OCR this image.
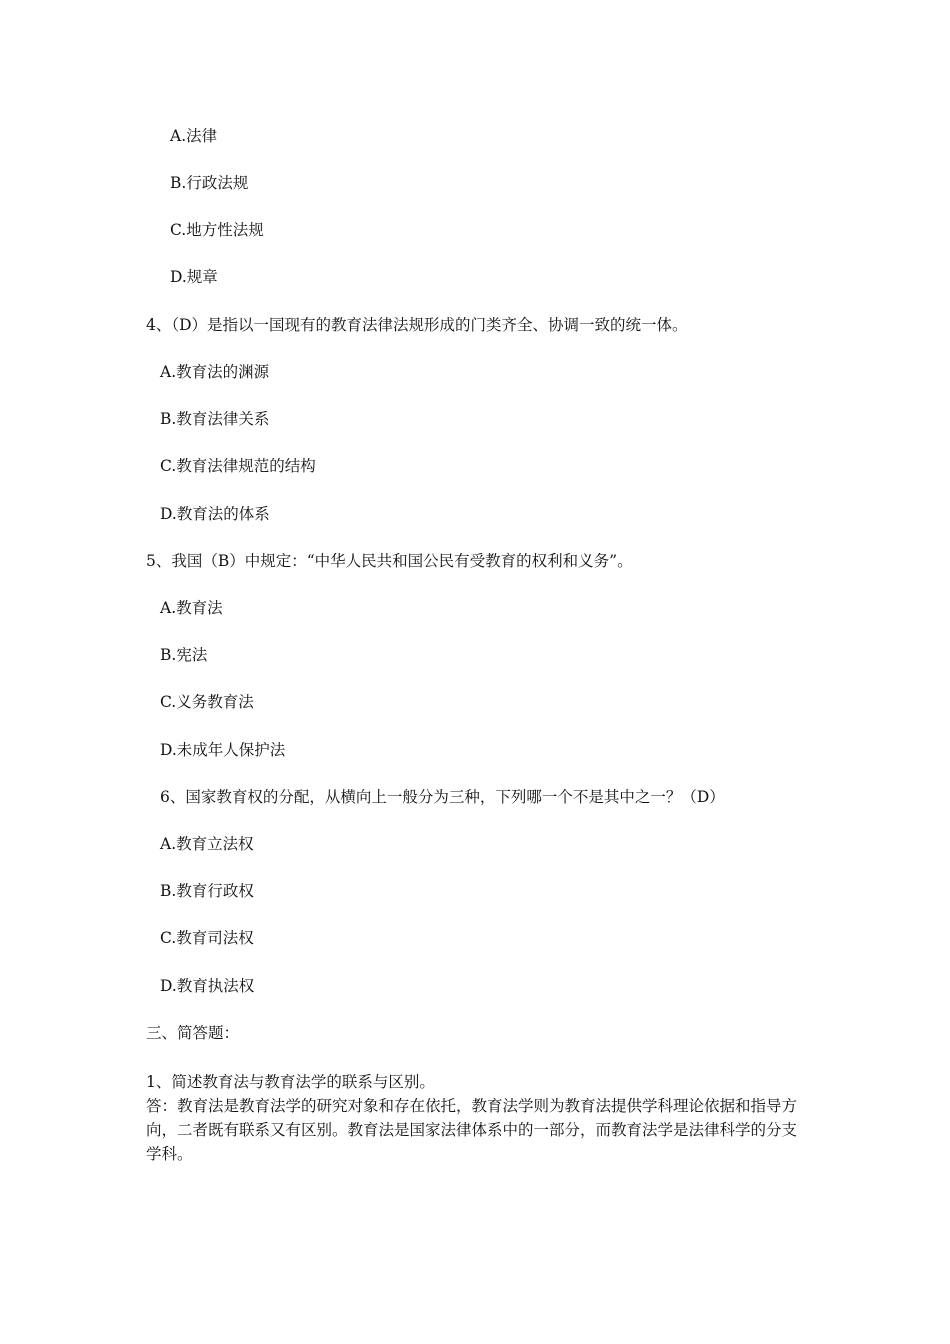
A.法律
B.行政法规
C.地方性法规
D.规章
4、（D）是指以一国现有的教育法律法规形成的门类齐全、协调一致的统一体。
A.教育法的渊源
B.教育法律关系
C.教育法律规范的结构
D.教育法的体系
5、我国（B）中规定：“中华人民共和国公民有受教育的权利和义务”。
A.教育法
B.宪法
C.义务教育法
D.未成年人保护法
6、国家教育权的分配，从横向上一般分为三种，下列哪一个不是其中之一？（D）
A.教育立法权
B.教育行政权
C.教育司法权
D.教育执法权
三、简答题：
1、简述教育法与教育法学的联系与区别。
答：教育法是教育法学的研究对象和存在依托，教育法学则为教育法提供学科理论依据和指导方向，二者既有联系又有区别。教育法是国家法律体系中的一部分，而教育法学是法律科学的分支学科。
